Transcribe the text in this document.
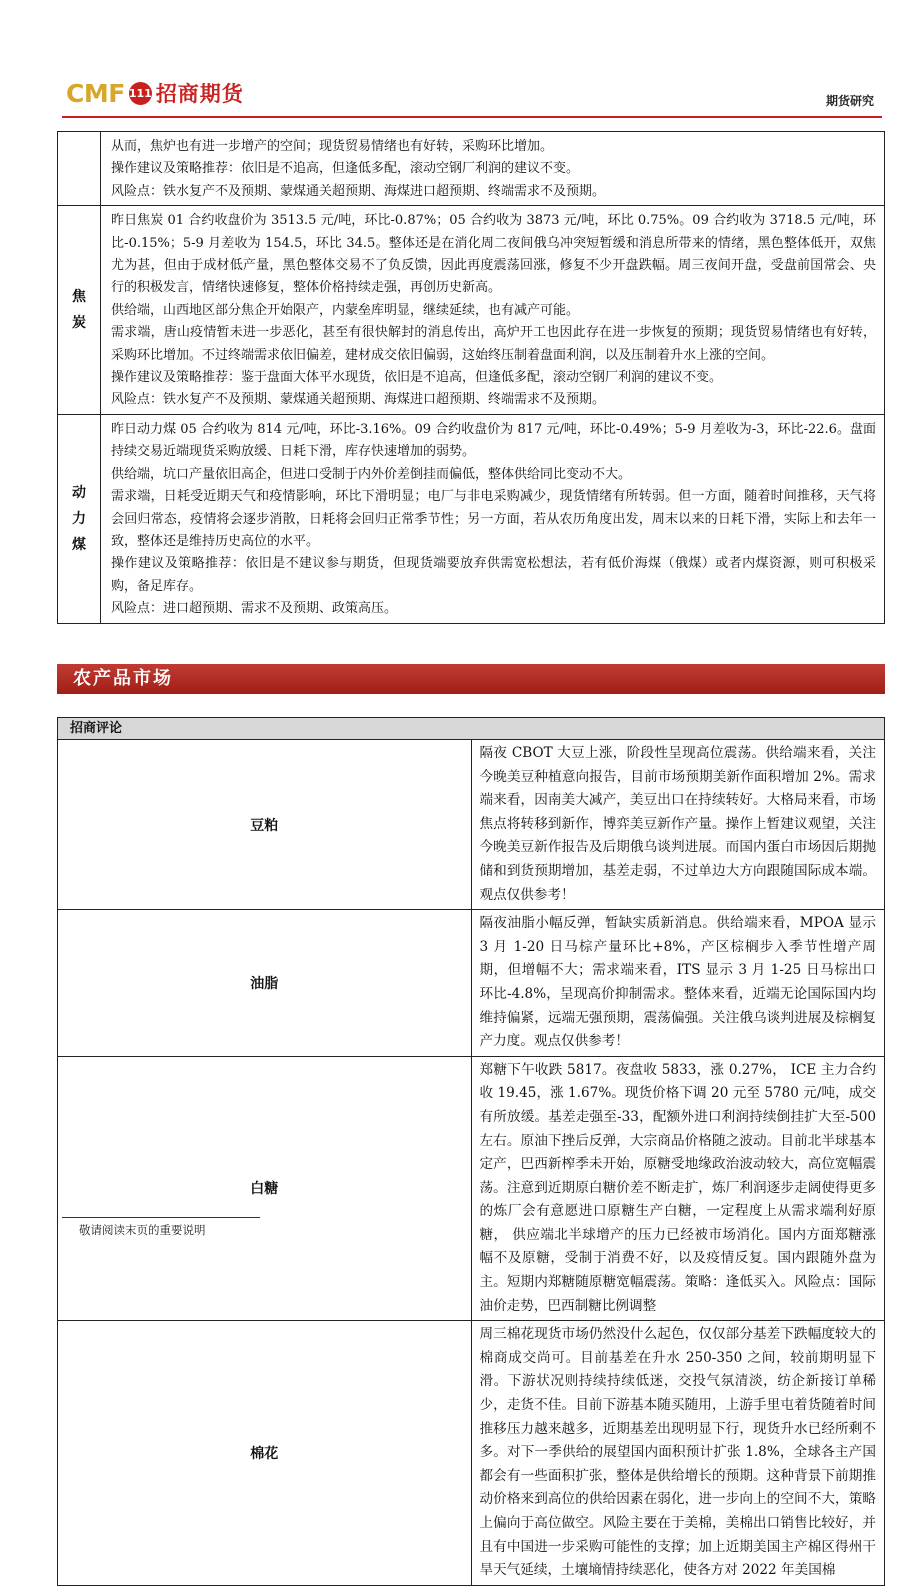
CMF 111 招商期货	期货研究

	从而，焦炉也有进一步增产的空间；现货贸易情绪也有好转，采购环比增加。

操作建议及策略推荐：依旧是不追高，但逢低多配，滚动空钢厂利润的建议不变。

风险点：铁水复产不及预期、蒙煤通关超预期、海煤进口超预期、终端需求不及预期。

焦炭	昨日焦炭 01 合约收盘价为 3513.5 元/吨，环比-0.87%；05 合约收为 3873 元/吨，环比 0.75%。09 合约收为 3718.5 元/吨，环比-0.15%；5-9 月差收为 154.5，环比 34.5。整体还是在消化周二夜间俄乌冲突短暂缓和消息所带来的情绪，黑色整体低开，双焦尤为甚，但由于成材低产量，黑色整体交易不了负反馈，因此再度震荡回涨，修复不少开盘跌幅。周三夜间开盘，受盘前国常会、央行的积极发言，情绪快速修复，整体价格持续走强，再创历史新高。

供给端，山西地区部分焦企开始限产，内蒙垒库明显，继续延续，也有减产可能。

需求端，唐山疫情暂未进一步恶化，甚至有很快解封的消息传出，高炉开工也因此存在进一步恢复的预期；现货贸易情绪也有好转，采购环比增加。不过终端需求依旧偏差，建材成交依旧偏弱，这始终压制着盘面利润，以及压制着升水上涨的空间。

操作建议及策略推荐：鉴于盘面大体平水现货，依旧是不追高，但逢低多配，滚动空钢厂利润的建议不变。

风险点：铁水复产不及预期、蒙煤通关超预期、海煤进口超预期、终端需求不及预期。

动力煤	昨日动力煤 05 合约收为 814 元/吨，环比-3.16%。09 合约收盘价为 817 元/吨，环比-0.49%；5-9 月差收为-3，环比-22.6。盘面持续交易近端现货采购放缓、日耗下滑，库存快速增加的弱势。

供给端，坑口产量依旧高企，但进口受制于内外价差倒挂而偏低，整体供给同比变动不大。

需求端，日耗受近期天气和疫情影响，环比下滑明显；电厂与非电采购减少，现货情绪有所转弱。但一方面，随着时间推移，天气将会回归常态，疫情将会逐步消散，日耗将会回归正常季节性；另一方面，若从农历角度出发，周末以来的日耗下滑，实际上和去年一致，整体还是维持历史高位的水平。

操作建议及策略推荐：依旧是不建议参与期货，但现货端要放弃供需宽松想法，若有低价海煤（俄煤）或者内煤资源，则可积极采购，备足库存。

风险点：进口超预期、需求不及预期、政策高压。

农产品市场
招商评论	
豆粕	隔夜 CBOT 大豆上涨，阶段性呈现高位震荡。供给端来看，关注今晚美豆种植意向报告，目前市场预期美新作面积增加 2%。需求端来看，因南美大减产，美豆出口在持续转好。大格局来看，市场焦点将转移到新作，博弈美豆新作产量。操作上暂建议观望，关注今晚美豆新作报告及后期俄乌谈判进展。而国内蛋白市场因后期抛储和到货预期增加，基差走弱，不过单边大方向跟随国际成本端。观点仅供参考！
油脂	隔夜油脂小幅反弹，暂缺实质新消息。供给端来看，MPOA 显示 3 月 1-20 日马棕产量环比+8%，产区棕榈步入季节性增产周期，但增幅不大；需求端来看，ITS 显示 3 月 1-25 日马棕出口环比-4.8%，呈现高价抑制需求。整体来看，近端无论国际国内均维持偏紧，远端无强预期，震荡偏强。关注俄乌谈判进展及棕榈复产力度。观点仅供参考！
白糖	郑糖下午收跌 5817。夜盘收 5833，涨 0.27%， ICE 主力合约收 19.45，涨 1.67%。现货价格下调 20 元至 5780 元/吨，成交有所放缓。基差走强至-33，配额外进口利润持续倒挂扩大至-500 左右。原油下挫后反弹，大宗商品价格随之波动。目前北半球基本定产，巴西新榨季未开始，原糖受地缘政治波动较大，高位宽幅震荡。注意到近期原白糖价差不断走扩，炼厂利润逐步走阔使得更多的炼厂会有意愿进口原糖生产白糖，一定程度上从需求端利好原糖， 供应端北半球增产的压力已经被市场消化。国内方面郑糖涨幅不及原糖，受制于消费不好，以及疫情反复。国内跟随外盘为主。短期内郑糖随原糖宽幅震荡。策略：逢低买入。风险点：国际油价走势，巴西制糖比例调整
棉花	周三棉花现货市场仍然没什么起色，仅仅部分基差下跌幅度较大的棉商成交尚可。目前基差在升水 250-350 之间，较前期明显下滑。下游状况则持续持续低迷，交投气氛清淡，纺企新接订单稀少，走货不佳。目前下游基本随买随用，上游手里屯着货随着时间推移压力越来越多，近期基差出现明显下行，现货升水已经所剩不多。对下一季供给的展望国内面积预计扩张 1.8%，全球各主产国都会有一些面积扩张，整体是供给增长的预期。这种背景下前期推动价格来到高位的供给因素在弱化，进一步向上的空间不大，策略上偏向于高位做空。风险主要在于美棉，美棉出口销售比较好，并且有中国进一步采购可能性的支撑；加上近期美国主产棉区得州干旱天气延续，土壤墒情持续恶化，使各方对 2022 年美国棉
敬请阅读末页的重要说明
